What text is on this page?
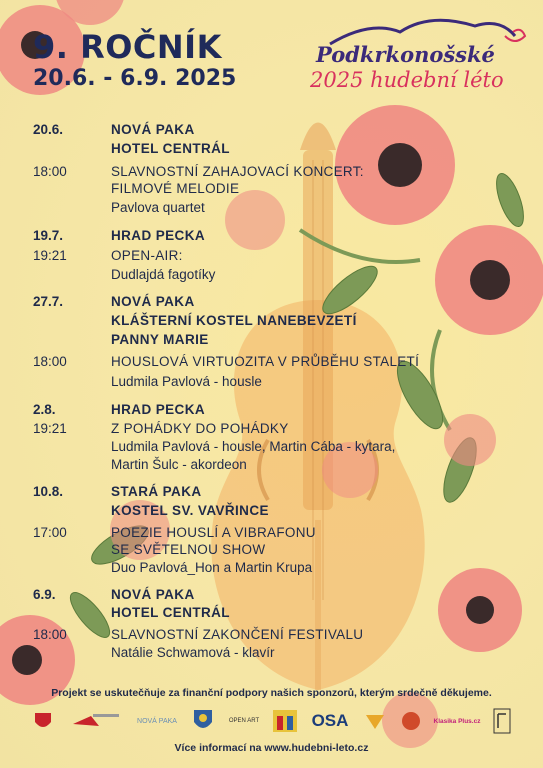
9. ROČNÍK
20.6. - 6.9. 2025
Podkrkonošské
2025 hudební léto
20.6.	NOVÁ PAKA
HOTEL CENTRÁL
18:00	SLAVNOSTNÍ ZAHAJOVACÍ KONCERT:
FILMOVÉ MELODIE
Pavlova quartet
19.7.	HRAD PECKA
19:21	OPEN-AIR:
Dudlajdá fagotíky
27.7.	NOVÁ PAKA
KLÁŠTERNÍ KOSTEL NANEBEVZETÍ
PANNY MARIE
18:00	HOUSLOVÁ VIRTUOZITA V PRŮBĚHU STALETÍ
Ludmila Pavlová - housle
2.8.	HRAD PECKA
19:21	Z POHÁDKY DO POHÁDKY
Ludmila Pavlová - housle, Martin Cába - kytara,
Martin Šulc - akordeon
10.8.	STARÁ PAKA
KOSTEL SV. VAVŘINCE
17:00	POEZIE HOUSLÍ A VIBRAFONU
SE SVĚTELNOU SHOW
Duo Pavlová_Hon a Martin Krupa
6.9.	NOVÁ PAKA
HOTEL CENTRÁL
18:00	SLAVNOSTNÍ ZAKONČENÍ FESTIVALU
Natálie Schwamová - klavír
Projekt se uskutečňuje za finanční podpory našich sponzorů, kterým srdečně děkujeme.
NOVÁ PAKA	OPEN ART	OSA	Klasika Plus.cz
Více informací na www.hudebni-leto.cz
